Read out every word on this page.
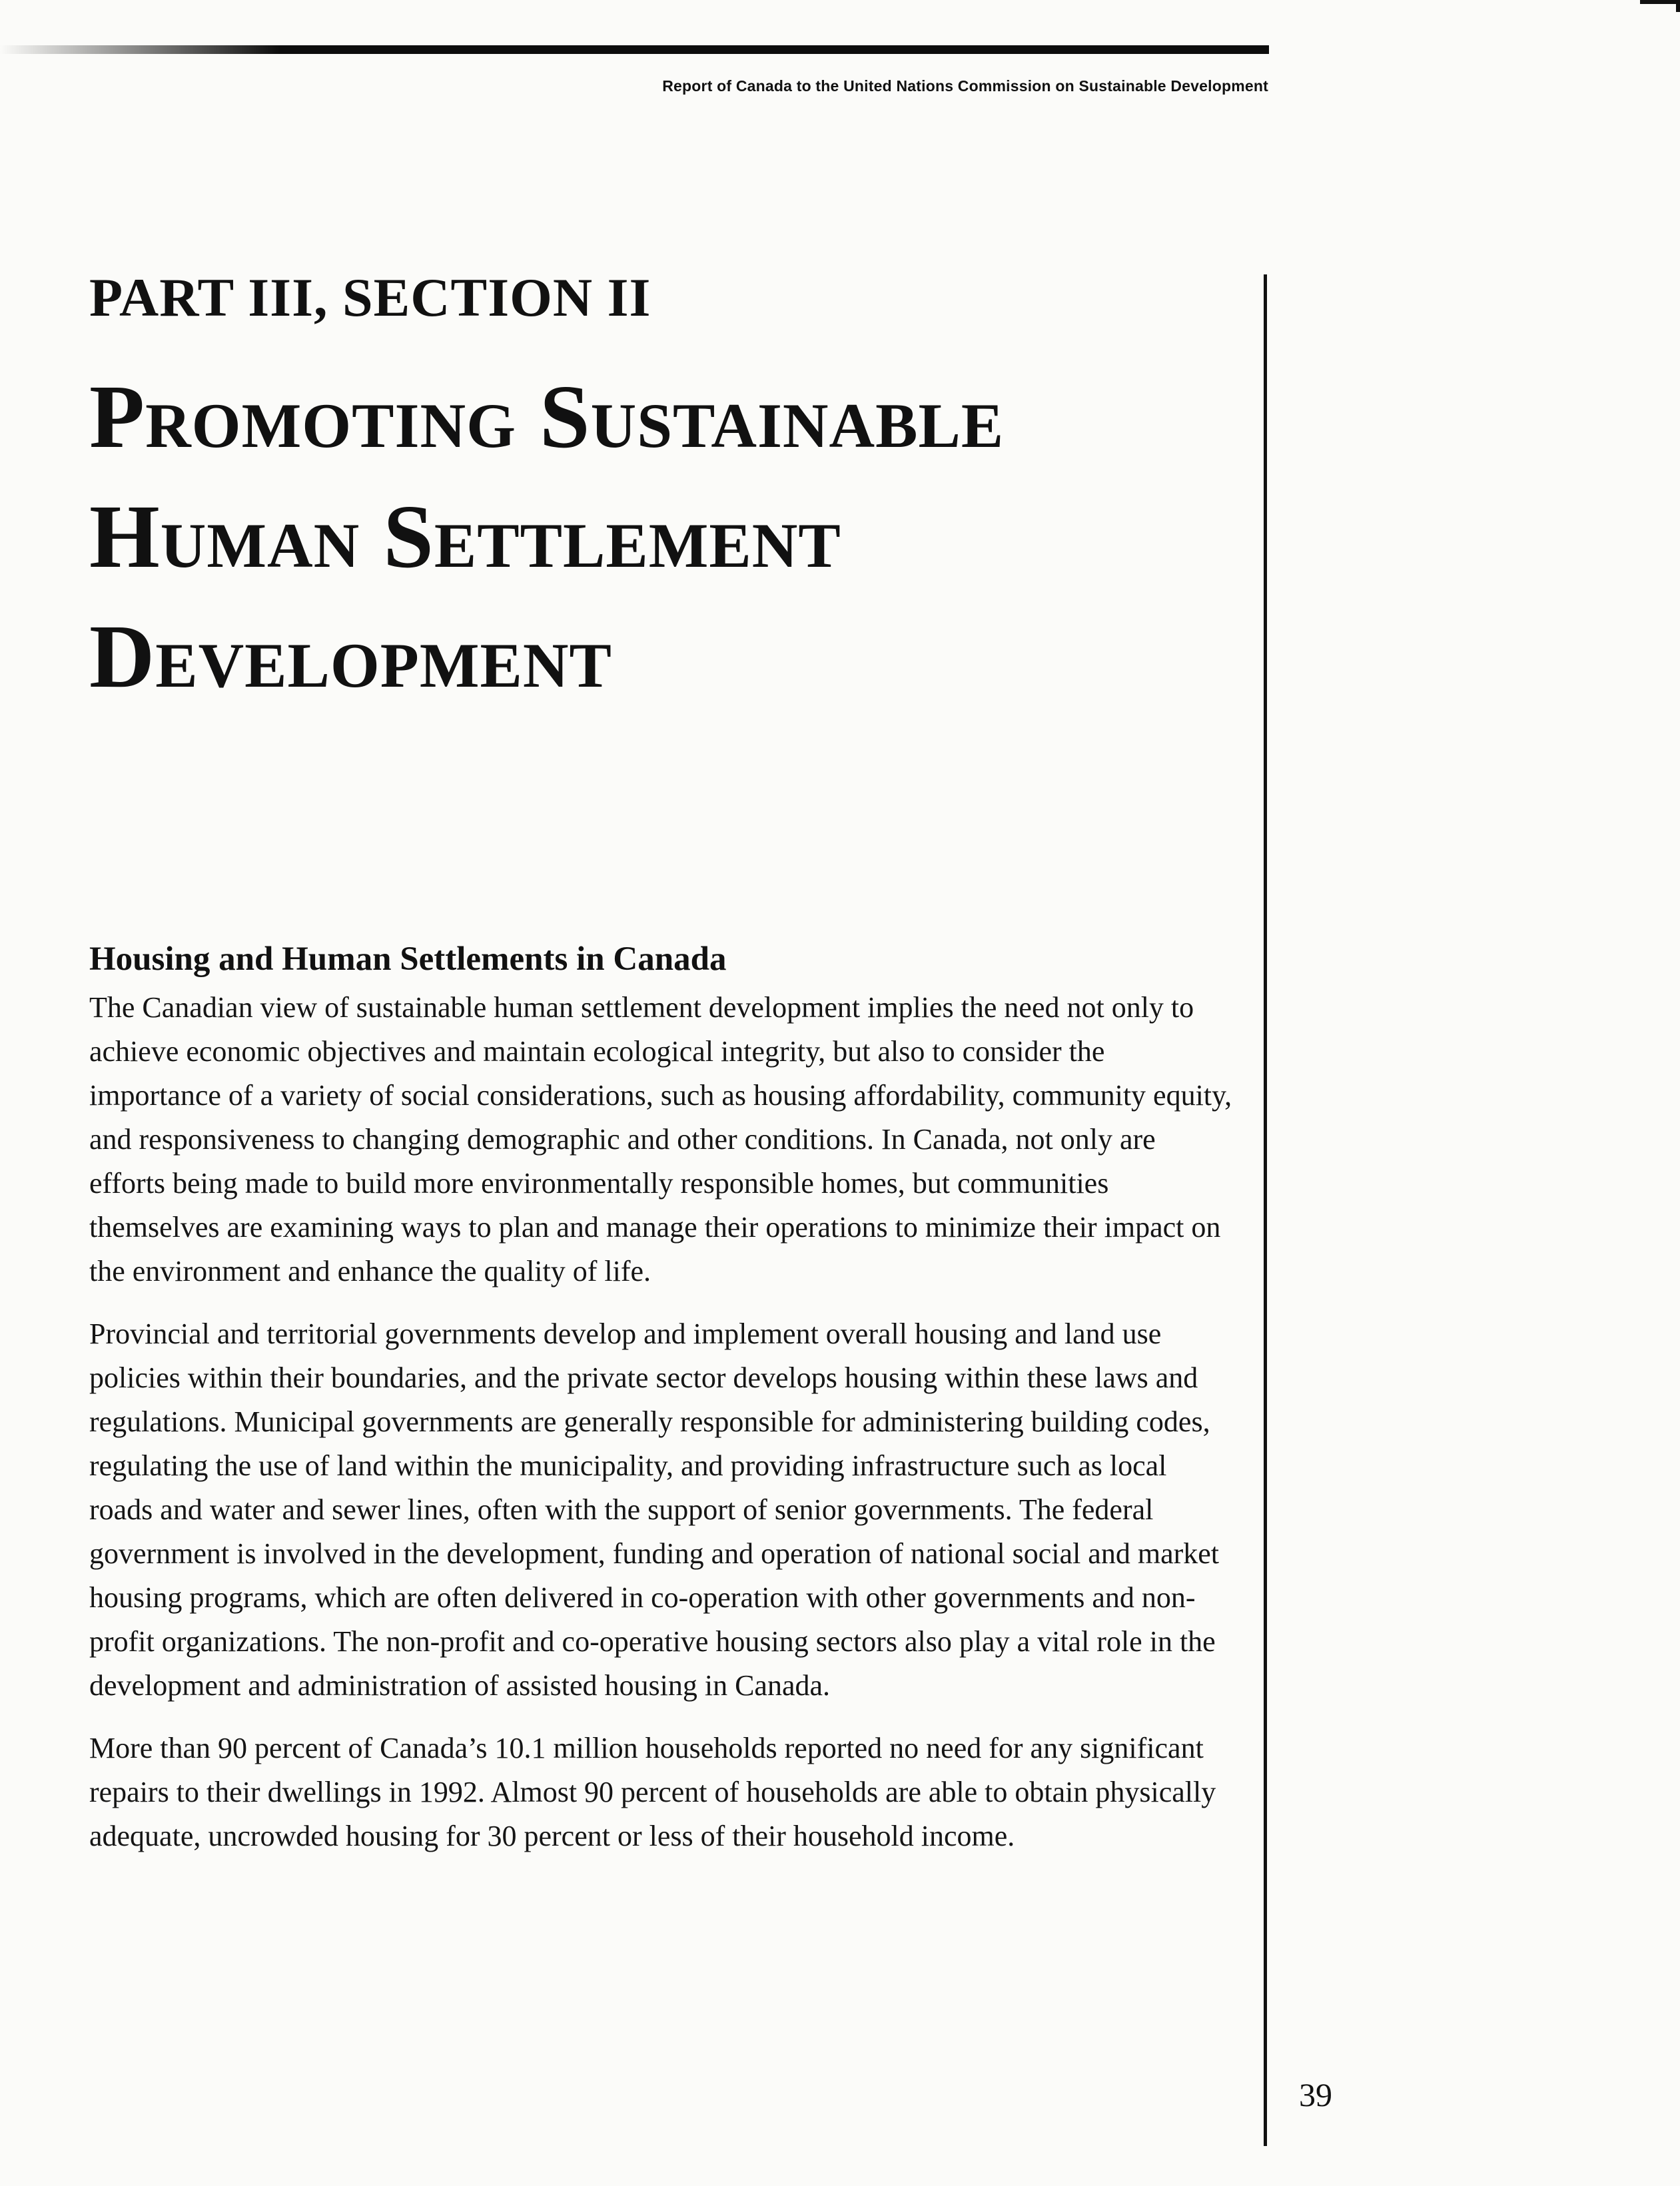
Report of Canada to the United Nations Commission on Sustainable Development
PART III, SECTION II
Promoting Sustainable
Human Settlement
Development
Housing and Human Settlements in Canada

The Canadian view of sustainable human settlement development implies the need not only to achieve economic objectives and maintain ecological integrity, but also to consider the importance of a variety of social considerations, such as housing affordability, community equity, and responsiveness to changing demographic and other conditions. In Canada, not only are efforts being made to build more environmentally responsible homes, but communities themselves are examining ways to plan and manage their operations to minimize their impact on the environment and enhance the quality of life.

Provincial and territorial governments develop and implement overall housing and land use policies within their boundaries, and the private sector develops housing within these laws and regulations. Municipal governments are generally responsible for administering building codes, regulating the use of land within the municipality, and providing infrastructure such as local roads and water and sewer lines, often with the support of senior governments. The federal government is involved in the development, funding and operation of national social and market housing programs, which are often delivered in co-operation with other governments and non-profit organizations. The non-profit and co-operative housing sectors also play a vital role in the development and administration of assisted housing in Canada.

More than 90 percent of Canada’s 10.1 million households reported no need for any significant repairs to their dwellings in 1992. Almost 90 percent of households are able to obtain physically adequate, uncrowded housing for 30 percent or less of their household income.

39
